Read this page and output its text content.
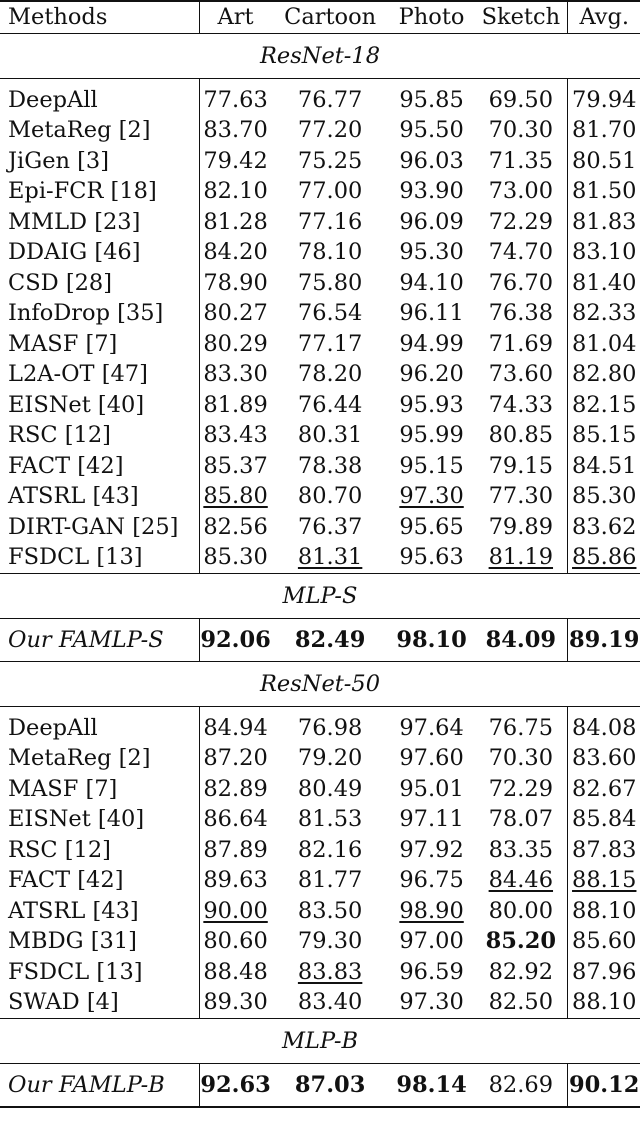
Methods	Art	Cartoon	Photo	Sketch	Avg.
ResNet-18					
DeepAll	77.63	76.77	95.85	69.50	79.94
MetaReg [2]	83.70	77.20	95.50	70.30	81.70
JiGen [3]	79.42	75.25	96.03	71.35	80.51
Epi-FCR [18]	82.10	77.00	93.90	73.00	81.50
MMLD [23]	81.28	77.16	96.09	72.29	81.83
DDAIG [46]	84.20	78.10	95.30	74.70	83.10
CSD [28]	78.90	75.80	94.10	76.70	81.40
InfoDrop [35]	80.27	76.54	96.11	76.38	82.33
MASF [7]	80.29	77.17	94.99	71.69	81.04
L2A-OT [47]	83.30	78.20	96.20	73.60	82.80
EISNet [40]	81.89	76.44	95.93	74.33	82.15
RSC [12]	83.43	80.31	95.99	80.85	85.15
FACT [42]	85.37	78.38	95.15	79.15	84.51
ATSRL [43]	85.80	80.70	97.30	77.30	85.30
DIRT-GAN [25]	82.56	76.37	95.65	79.89	83.62
FSDCL [13]	85.30	81.31	95.63	81.19	85.86
MLP-S					
Our FAMLP-S	92.06	82.49	98.10	84.09	89.19
ResNet-50					
DeepAll	84.94	76.98	97.64	76.75	84.08
MetaReg [2]	87.20	79.20	97.60	70.30	83.60
MASF [7]	82.89	80.49	95.01	72.29	82.67
EISNet [40]	86.64	81.53	97.11	78.07	85.84
RSC [12]	87.89	82.16	97.92	83.35	87.83
FACT [42]	89.63	81.77	96.75	84.46	88.15
ATSRL [43]	90.00	83.50	98.90	80.00	88.10
MBDG [31]	80.60	79.30	97.00	85.20	85.60
FSDCL [13]	88.48	83.83	96.59	82.92	87.96
SWAD [4]	89.30	83.40	97.30	82.50	88.10
MLP-B					
Our FAMLP-B	92.63	87.03	98.14	82.69	90.12
